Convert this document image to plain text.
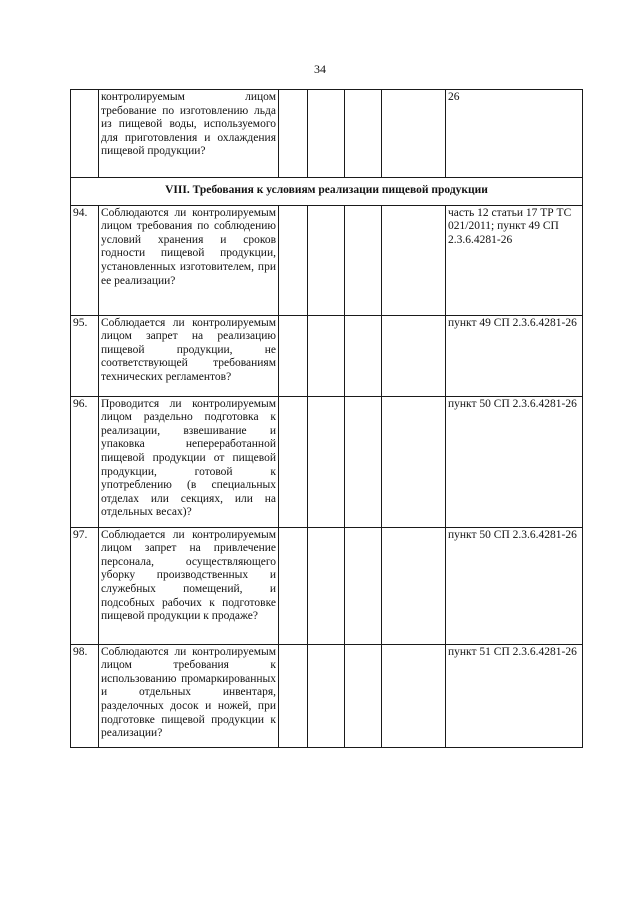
34
	контролируемым лицом требование по изготовлению льда из пищевой воды, используемого для приготовления и охлаждения пищевой продукции?					26
VIII. Требования к условиям реализации пищевой продукции						
94.	Соблюдаются ли контролируемым лицом требования по соблюдению условий хранения и сроков годности пищевой продукции, установленных изготовителем, при ее реализации?					часть 12 статьи 17 ТР ТС 021/2011; пункт 49 СП 2.3.6.4281-26
95.	Соблюдается ли контролируемым лицом запрет на реализацию пищевой продукции, не соответствующей требованиям технических регламентов?					пункт 49 СП 2.3.6.4281-26
96.	Проводится ли контролируемым лицом раздельно подготовка к реализации, взвешивание и упаковка непереработанной пищевой продукции от пищевой продукции, готовой к употреблению (в специальных отделах или секциях, или на отдельных весах)?					пункт 50 СП 2.3.6.4281-26
97.	Соблюдается ли контролируемым лицом запрет на привлечение персонала, осуществляющего уборку производственных и служебных помещений, и подсобных рабочих к подготовке пищевой продукции к продаже?					пункт 50 СП 2.3.6.4281-26
98.	Соблюдаются ли контролируемым лицом требования к использованию промаркированных и отдельных инвентаря, разделочных досок и ножей, при подготовке пищевой продукции к реализации?					пункт 51 СП 2.3.6.4281-26
